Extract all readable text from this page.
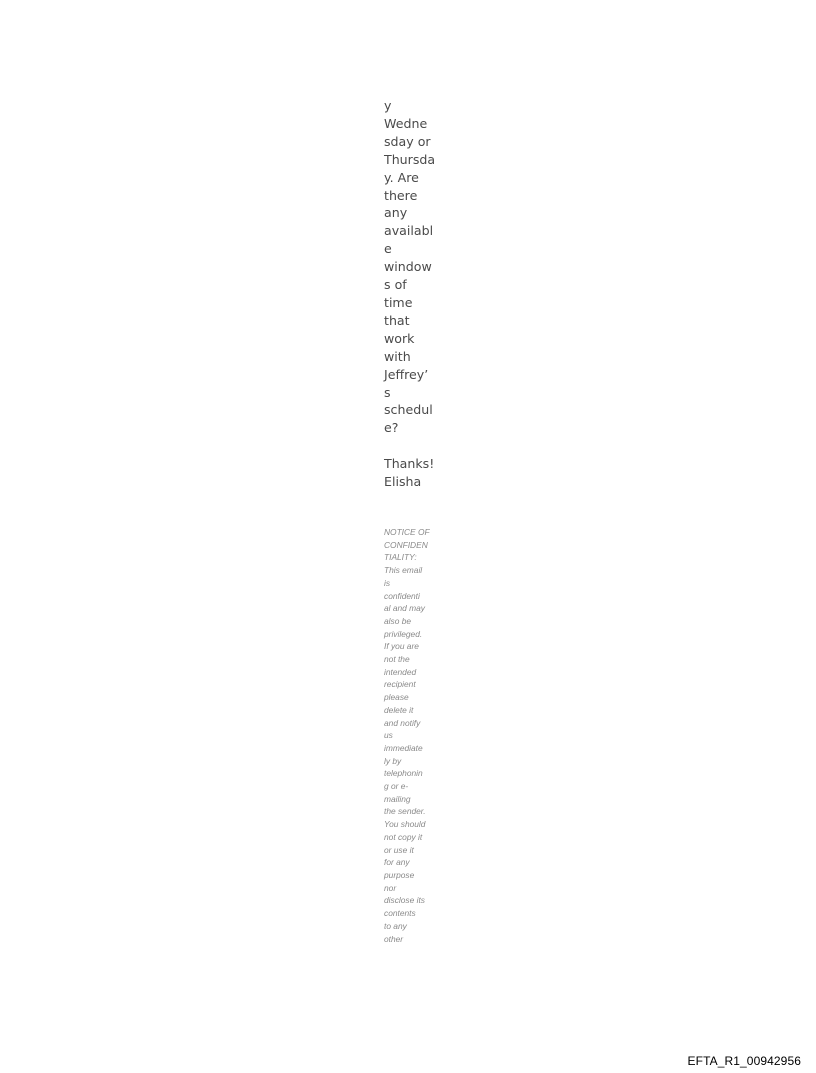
y
Wedne
sday or
Thursda
y. Are
there
any
availabl
e
window
s of
time
that
work
with
Jeffrey’
s
schedul
e?
Thanks!
Elisha
NOTICE OF
CONFIDEN
TIALITY:
This email
is
confidenti
al and may
also be
privileged.
If you are
not the
intended
recipient
please
delete it
and notify
us
immediate
ly by
telephonin
g or e-
mailing
the sender.
You should
not copy it
or use it
for any
purpose
nor
disclose its
contents
to any
other
EFTA_R1_00942956
